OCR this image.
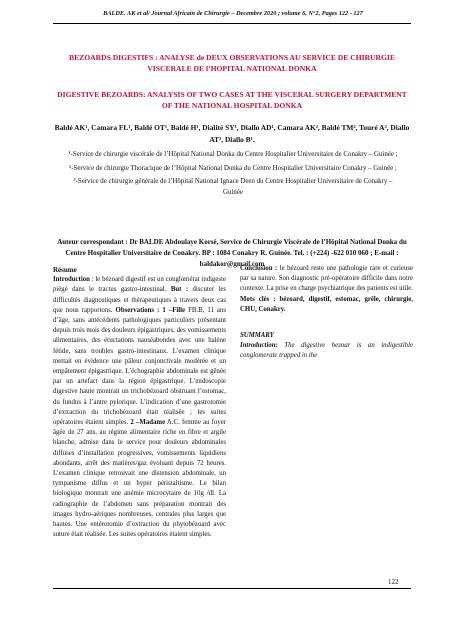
BALDE. AK et al/ Journal Africain de Chirurgie – Decembre 2020 ; volume 6, N°2, Pages 122 - 127
BEZOARDS DIGESTIFS : ANALYSE de DEUX OBSERVATIONS AU SERVICE DE CHIRURGIE VISCERALE DE l’HOPITAL NATIONAL DONKA
DIGESTIVE BEZOARDS: ANALYSIS OF TWO CASES AT THE VISCERAL SURGERY DEPARTMENT OF THE NATIONAL HOSPITAL DONKA
Baldé AK¹, Camara FL¹, Baldé OT¹, Baldé H¹, Dialité SY¹, Diallo AD¹, Camara AK², Baldé TM², Touré A³, Diallo AT³, Diallo B¹.

¹-Service de chirurgie viscérale de l’Hôpital National Donka du Centre Hospitalier Universitaire de Conakry – Guinée ;

²-Service de chirurgie Thoracique de l’Hôpital National Donka du Centre Hospitalier Universitaire Conakry – Guinée ;

³-Service de chirurgie générale de l’Hôpital National Ignace Deen du Centre Hospitalier Universitaire de Conakry – Guinée

Auteur correspondant : Dr BALDE Abdoulaye Korsé, Service de Chirurgie Viscérale de l’Hôpital National Donka du Centre Hospitalier Universitaire de Conakry. BP : 1084 Conakry R. Guinée. Tel. : (+224) -622 010 060 ; E-mail : baldakor@gmail.com

Résume

Introduction : le bézoard digestif est un conglomérat indigeste piégé dans le tractus gastro-intestinal. But : discuter les difficultés diagnostiques et thérapeutiques à travers deux cas que nous rapportons. Observations : 1 –Fille FB.B, 11 ans d’âge, sans antécédents pathologiques particuliers présentant depuis trois mois des douleurs épigastriques, des vomissements alimentaires, des éructations nauséabondes avec une halène fétide, sans troubles gastro-intestinaux. L’examen clinique mettait en évidence une pâleur conjonctivale modérée et un empâtement épigastrique. L’échographie abdominale est gênée par un artefact dans la région épigastrique. L’endoscopie digestive haute montrait un trichobézoard obstruant l’estomac, du fundus à l’antre pylorique. L’indication d’une gastrotomie d’extraction du trichobézoard était réalisée ; les suites opératoires étaient simples. 2 –Madame A.C. femme au foyer âgée de 27 ans, au régime alimentaire riche en fibre et argile blanche, admise dans le service pour douleurs abdominales diffuses d’installation progressives, vomissements liquidiens abondants, arrêt des matières/gaz évoluant depuis 72 heures. L’examen clinique retrouvait une distension abdominale, un tympanisme diffus et un hyper péristaltisme. Le bilan biologique montrait une anémie microcytaire de 10g /dl. La radiographie de l’abdomen sans préparation montrait des images hydro-aériques nombreuses, centrales plus larges que hautes. Une entérotomie d’extraction du phytobézoard avec suture était réalisée. Les suites opératoires étaient simples.

Conclusion : le bézoard reste une pathologie rare et curieuse par sa nature. Son diagnostic pré-opératoire difficile dans notre contexte. La prise en charge psychiatrique des patients est utile.

Mots clés : bézoard, digestif, estomac, grêle, chirurgie, CHU, Conakry.

SUMMARY

Introduction: The digestive bezoar is an indigestible conglomerate trapped in the

122
